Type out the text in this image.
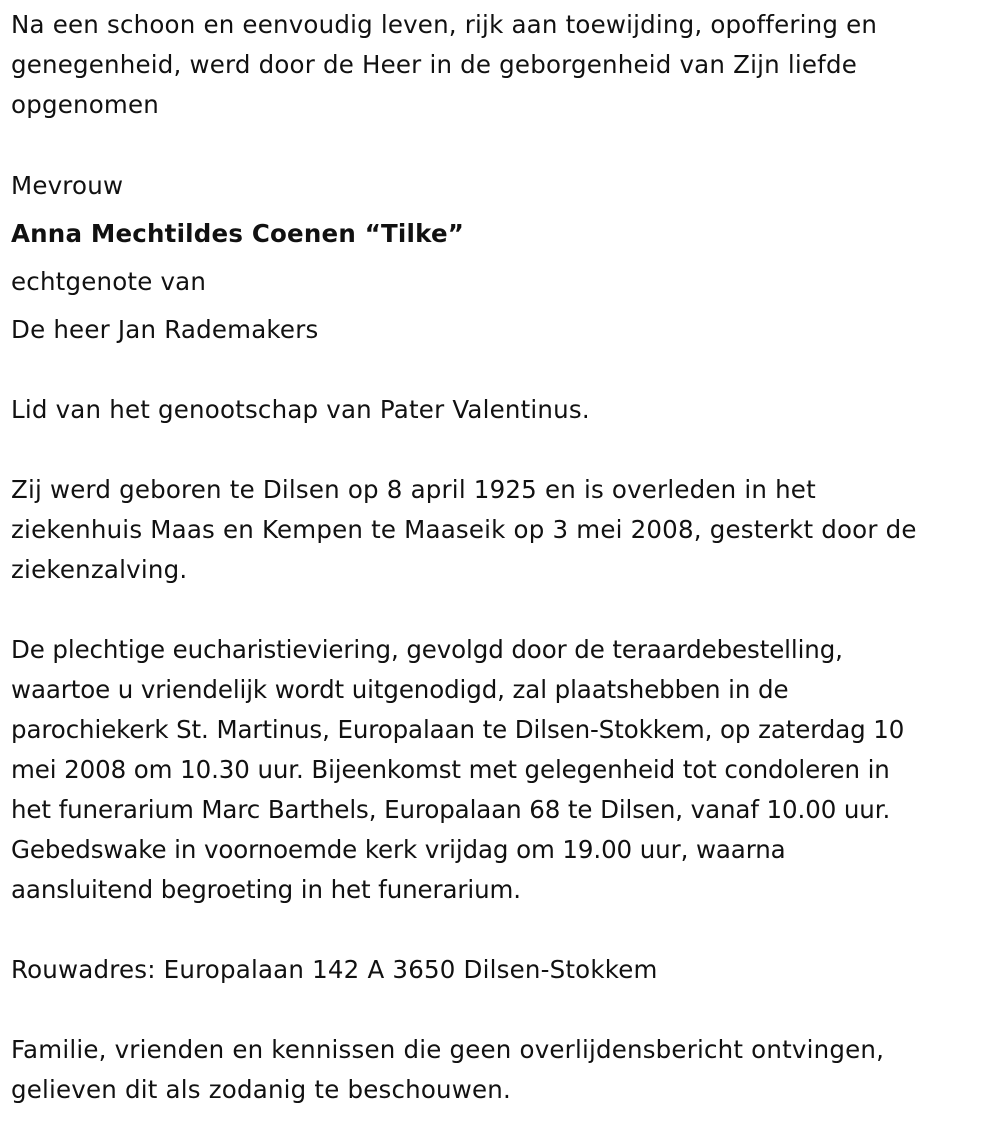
Na een schoon en eenvoudig leven, rijk aan toewijding, opoffering en
genegenheid, werd door de Heer in de geborgenheid van Zijn liefde
opgenomen

Mevrouw

Anna Mechtildes Coenen “Tilke”

echtgenote van

De heer Jan Rademakers

Lid van het genootschap van Pater Valentinus.

Zij werd geboren te Dilsen op 8 april 1925 en is overleden in het
ziekenhuis Maas en Kempen te Maaseik op 3 mei 2008, gesterkt door de
ziekenzalving.

De plechtige eucharistieviering, gevolgd door de teraardebestelling,
waartoe u vriendelijk wordt uitgenodigd, zal plaatshebben in de
parochiekerk St. Martinus, Europalaan te Dilsen-Stokkem, op zaterdag 10
mei 2008 om 10.30 uur. Bijeenkomst met gelegenheid tot condoleren in
het funerarium Marc Barthels, Europalaan 68 te Dilsen, vanaf 10.00 uur.
Gebedswake in voornoemde kerk vrijdag om 19.00 uur, waarna
aansluitend begroeting in het funerarium.

Rouwadres: Europalaan 142 A 3650 Dilsen-Stokkem

Familie, vrienden en kennissen die geen overlijdensbericht ontvingen,
gelieven dit als zodanig te beschouwen.
